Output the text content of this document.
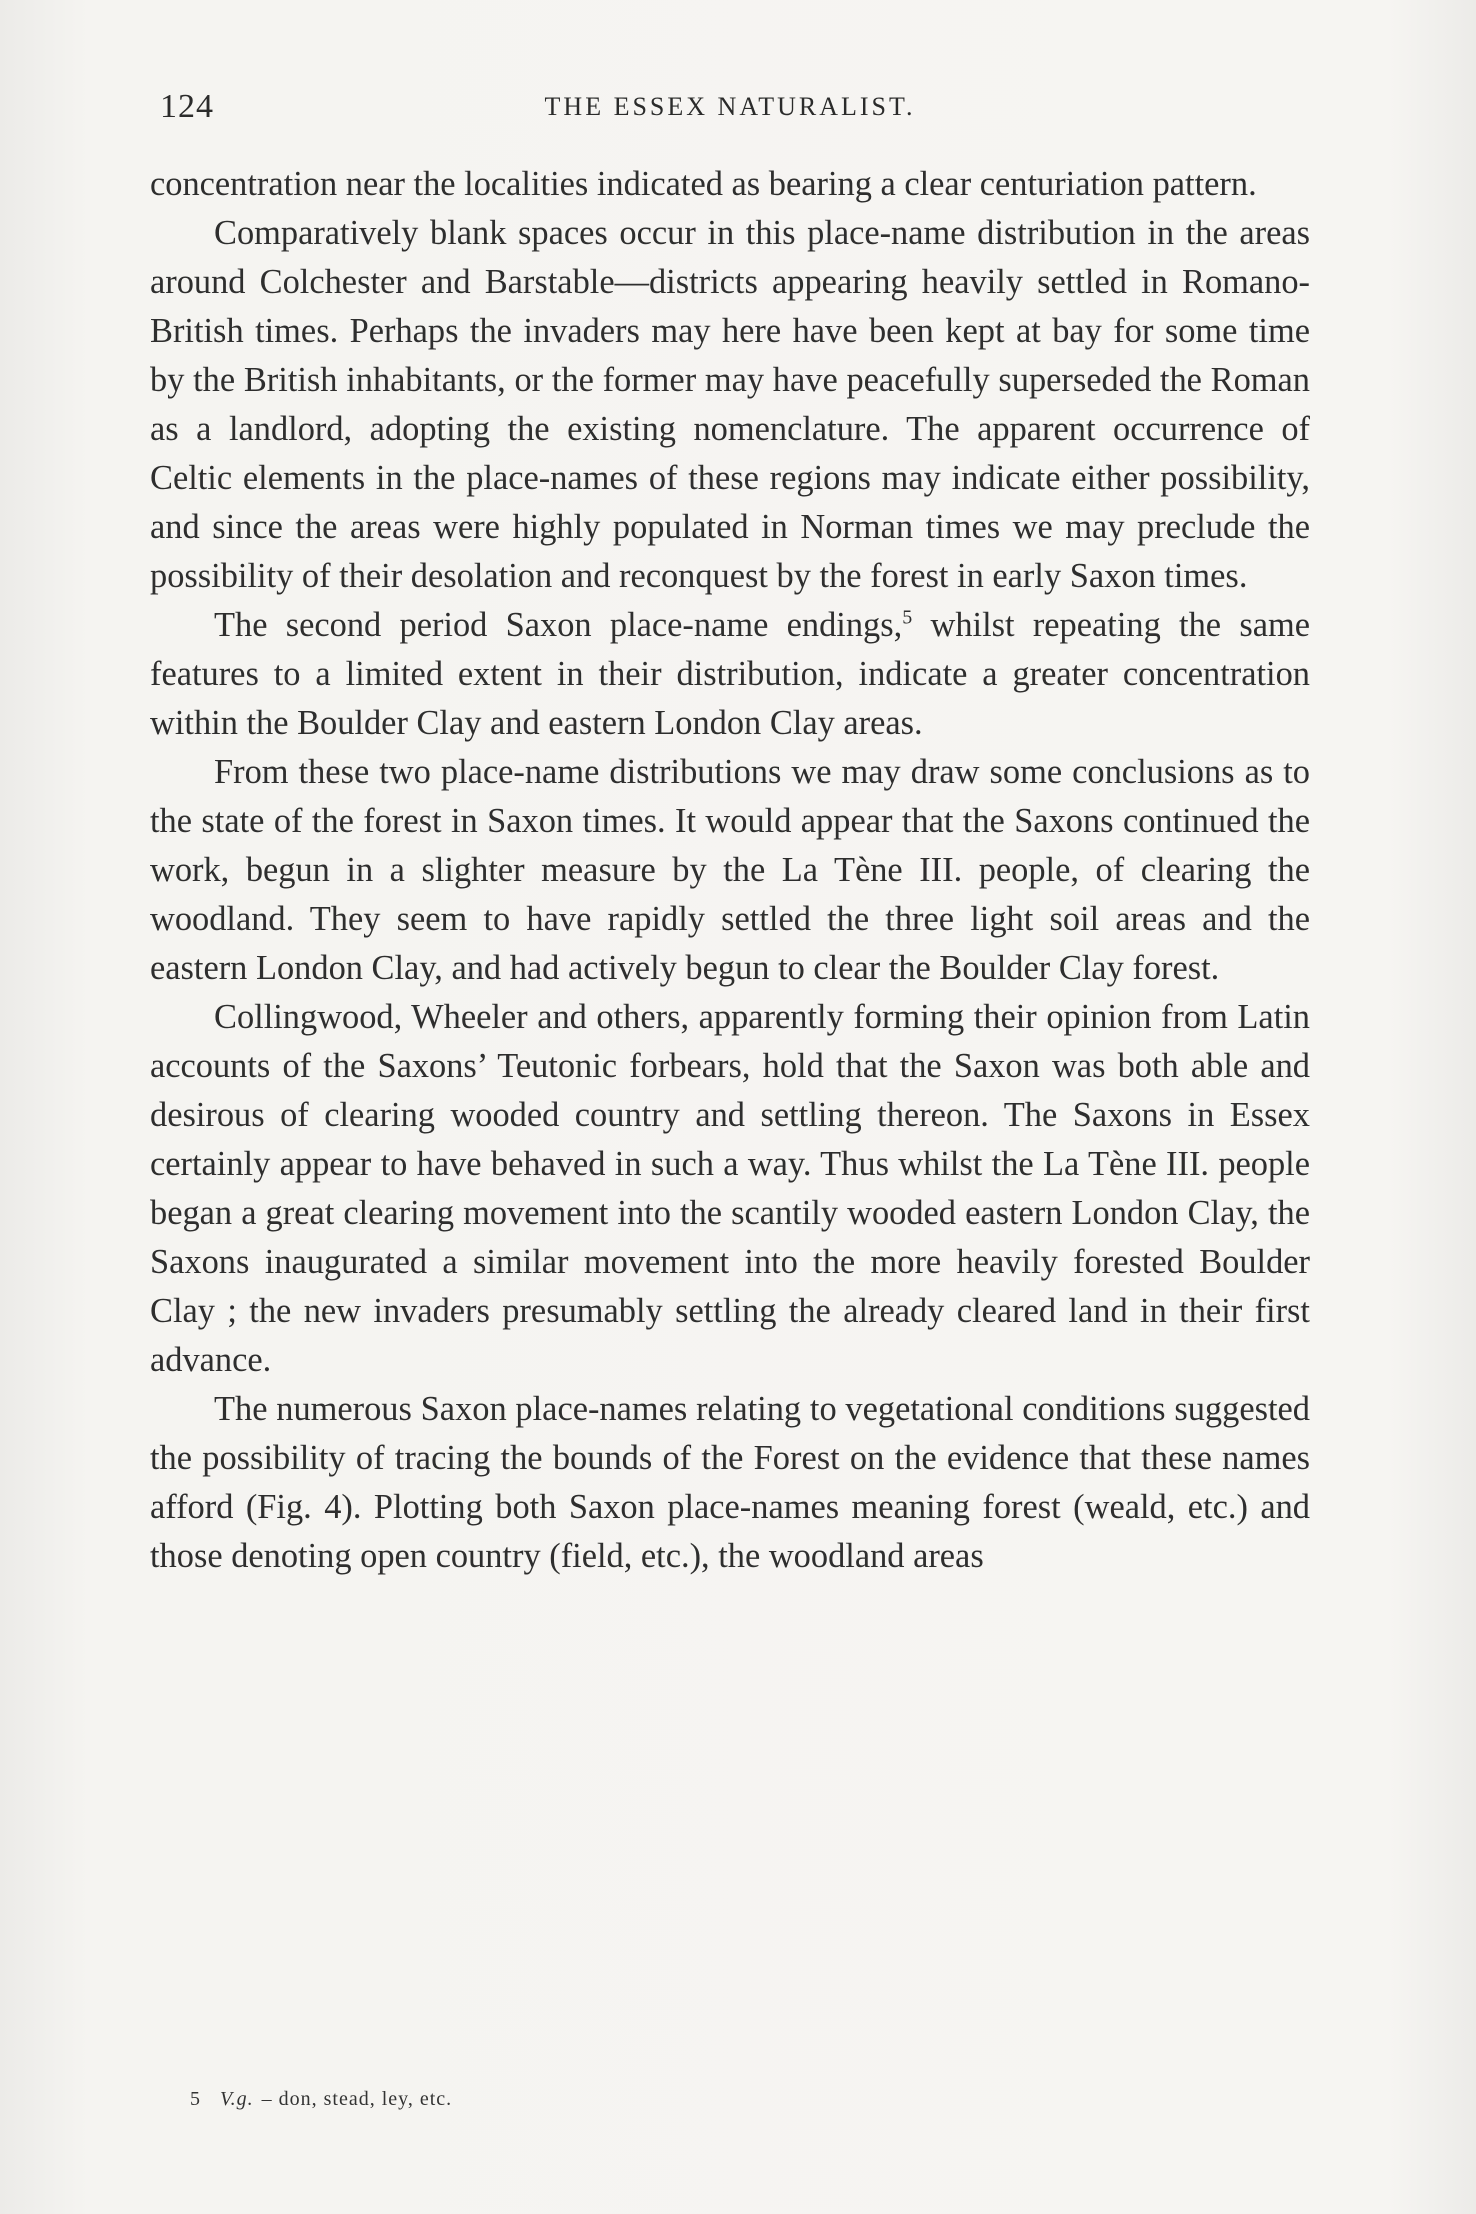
124	THE ESSEX NATURALIST.

concentration near the localities indicated as bearing a clear centuriation pattern.

Comparatively blank spaces occur in this place-name distribution in the areas around Colchester and Barstable—districts appearing heavily settled in Romano-British times. Perhaps the invaders may here have been kept at bay for some time by the British inhabitants, or the former may have peacefully superseded the Roman as a landlord, adopting the existing nomenclature. The apparent occurrence of Celtic elements in the place-names of these regions may indicate either possibility, and since the areas were highly populated in Norman times we may preclude the possibility of their desolation and reconquest by the forest in early Saxon times.

The second period Saxon place-name endings,$^5$ whilst repeating the same features to a limited extent in their distribution, indicate a greater concentration within the Boulder Clay and eastern London Clay areas.

From these two place-name distributions we may draw some conclusions as to the state of the forest in Saxon times. It would appear that the Saxons continued the work, begun in a slighter measure by the La Tène III. people, of clearing the woodland. They seem to have rapidly settled the three light soil areas and the eastern London Clay, and had actively begun to clear the Boulder Clay forest.

Collingwood, Wheeler and others, apparently forming their opinion from Latin accounts of the Saxons’ Teutonic forbears, hold that the Saxon was both able and desirous of clearing wooded country and settling thereon. The Saxons in Essex certainly appear to have behaved in such a way. Thus whilst the La Tène III. people began a great clearing movement into the scantily wooded eastern London Clay, the Saxons inaugurated a similar movement into the more heavily forested Boulder Clay ; the new invaders presumably settling the already cleared land in their first advance.

The numerous Saxon place-names relating to vegetational conditions suggested the possibility of tracing the bounds of the Forest on the evidence that these names afford (Fig. 4). Plotting both Saxon place-names meaning forest (weald, etc.) and those denoting open country (field, etc.), the woodland areas

5 V.g. – don, stead, ley, etc.
